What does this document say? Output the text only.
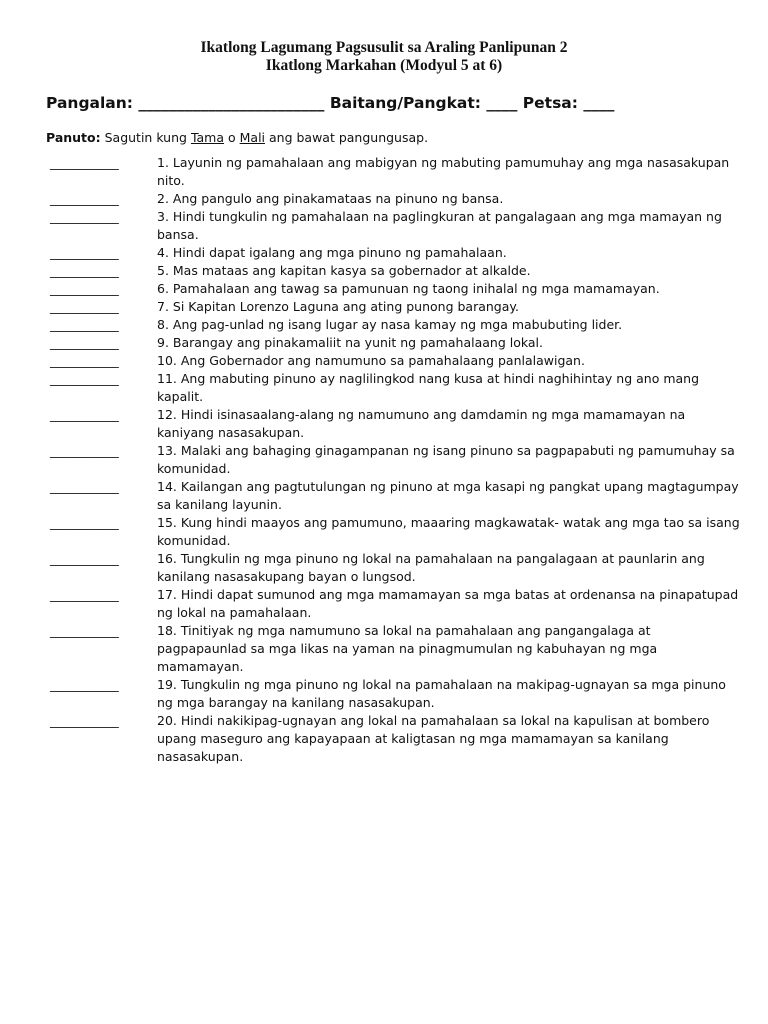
Ikatlong Lagumang Pagsusulit sa Araling Panlipunan 2
Ikatlong Markahan (Modyul 5 at 6)
Pangalan: ________________________ Baitang/Pangkat: ____ Petsa: ____
Panuto: Sagutin kung Tama o Mali ang bawat pangungusap.
___________	1. Layunin ng pamahalaan ang mabigyan ng mabuting pamumuhay ang mga nasasakupan nito.
___________	2. Ang pangulo ang pinakamataas na pinuno ng bansa.
___________	3. Hindi tungkulin ng pamahalaan na paglingkuran at pangalagaan ang mga mamayan ng bansa.
___________	4. Hindi dapat igalang ang mga pinuno ng pamahalaan.
___________	5. Mas mataas ang kapitan kasya sa gobernador at alkalde.
___________	6. Pamahalaan ang tawag sa pamunuan ng taong inihalal ng mga mamamayan.
___________	7. Si Kapitan Lorenzo Laguna ang ating punong barangay.
___________	8. Ang pag-unlad ng isang lugar ay nasa kamay ng mga mabubuting lider.
___________	9. Barangay ang pinakamaliit na yunit ng pamahalaang lokal.
___________	10. Ang Gobernador ang namumuno sa pamahalaang panlalawigan.
___________	11. Ang mabuting pinuno ay naglilingkod nang kusa at hindi naghihintay ng ano mang kapalit.
___________	12. Hindi isinasaalang-alang ng namumuno ang damdamin ng mga mamamayan na kaniyang nasasakupan.
___________	13. Malaki ang bahaging ginagampanan ng isang pinuno sa pagpapabuti ng pamumuhay sa komunidad.
___________	14. Kailangan ang pagtutulungan ng pinuno at mga kasapi ng pangkat upang magtagumpay sa kanilang layunin.
___________	15. Kung hindi maayos ang pamumuno, maaaring magkawatak- watak ang mga tao sa isang komunidad.
___________	16. Tungkulin ng mga pinuno ng lokal na pamahalaan na pangalagaan at paunlarin ang kanilang nasasakupang bayan o lungsod.
___________	17. Hindi dapat sumunod ang mga mamamayan sa mga batas at ordenansa na pinapatupad ng lokal na pamahalaan.
___________	18. Tinitiyak ng mga namumuno sa lokal na pamahalaan ang pangangalaga at pagpapaunlad sa mga likas na yaman na pinagmumulan ng kabuhayan ng mga mamamayan.
___________	19. Tungkulin ng mga pinuno ng lokal na pamahalaan na makipag-ugnayan sa mga pinuno ng mga barangay na kanilang nasasakupan.
___________	20. Hindi nakikipag-ugnayan ang lokal na pamahalaan sa lokal na kapulisan at bombero upang maseguro ang kapayapaan at kaligtasan ng mga mamamayan sa kanilang nasasakupan.
